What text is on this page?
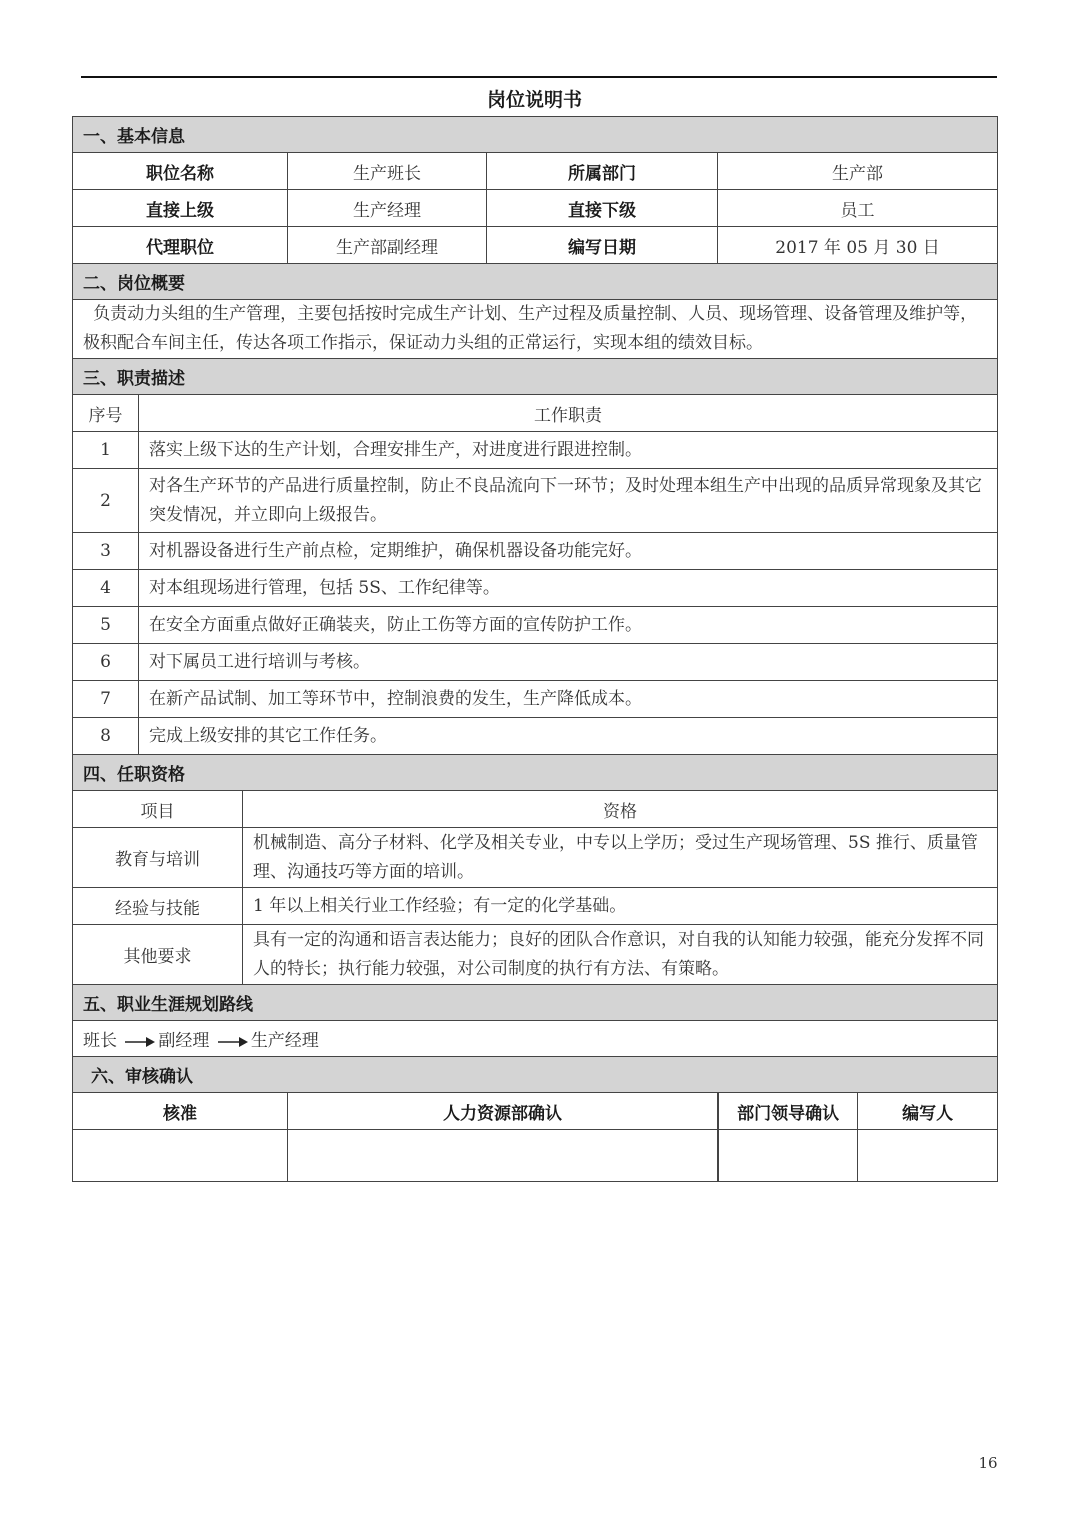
岗位说明书
一、基本信息
职位名称	生产班长	所属部门	生产部
直接上级	生产经理	直接下级	员工
代理职位	生产部副经理	编写日期	2017 年 05 月 30 日
二、岗位概要
负责动力头组的生产管理，主要包括按时完成生产计划、生产过程及质量控制、人员、现场管理、设备管理及维护等，极积配合车间主任，传达各项工作指示，保证动力头组的正常运行，实现本组的绩效目标。
三、职责描述
序号	工作职责
1	落实上级下达的生产计划，合理安排生产，对进度进行跟进控制。
2	对各生产环节的产品进行质量控制，防止不良品流向下一环节；及时处理本组生产中出现的品质异常现象及其它突发情况，并立即向上级报告。
3	对机器设备进行生产前点检，定期维护，确保机器设备功能完好。
4	对本组现场进行管理，包括 5S、工作纪律等。
5	在安全方面重点做好正确装夹，防止工伤等方面的宣传防护工作。
6	对下属员工进行培训与考核。
7	在新产品试制、加工等环节中，控制浪费的发生，生产降低成本。
8	完成上级安排的其它工作任务。
四、任职资格
项目	资格
教育与培训	机械制造、高分子材料、化学及相关专业，中专以上学历；受过生产现场管理、5S 推行、质量管理、沟通技巧等方面的培训。
经验与技能	1 年以上相关行业工作经验；有一定的化学基础。
其他要求	具有一定的沟通和语言表达能力；良好的团队合作意识，对自我的认知能力较强，能充分发挥不同人的特长；执行能力较强，对公司制度的执行有方法、有策略。
五、职业生涯规划路线
班长 副经理 生产经理
六、审核确认
核准	人力资源部确认		部门领导确认	编写人

16
